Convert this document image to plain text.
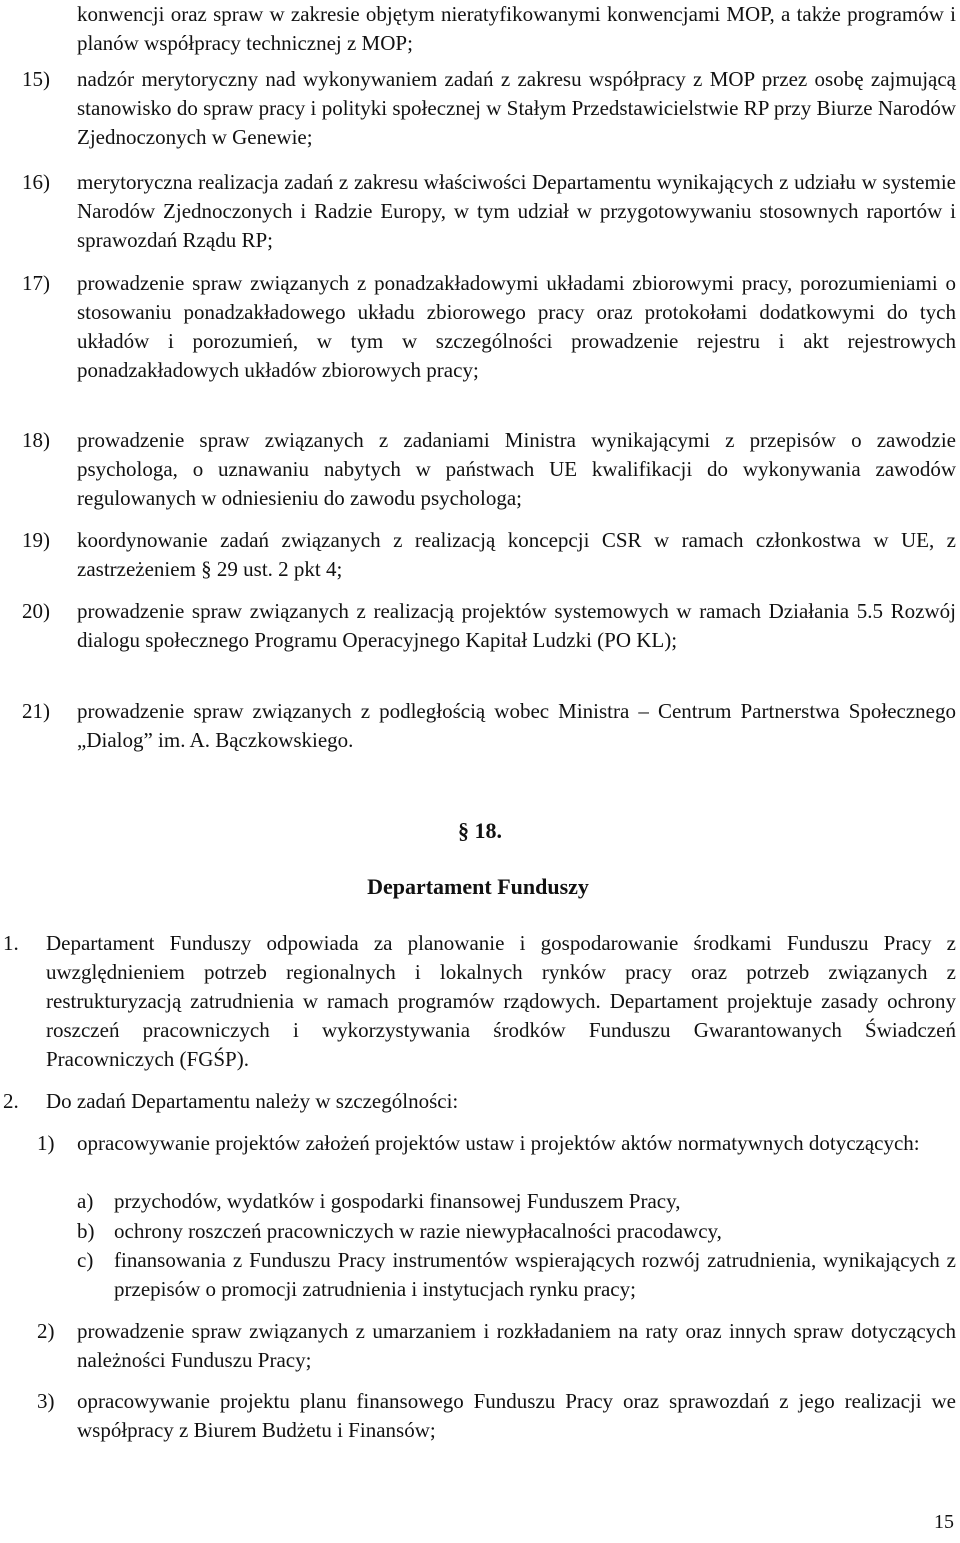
konwencji oraz spraw w zakresie objętym nieratyfikowanymi konwencjami MOP, a także programów i planów współpracy technicznej z MOP;
15) nadzór merytoryczny nad wykonywaniem zadań z zakresu współpracy z MOP przez osobę zajmującą stanowisko do spraw pracy i polityki społecznej w Stałym Przedstawicielstwie RP przy Biurze Narodów Zjednoczonych w Genewie;
16) merytoryczna realizacja zadań z zakresu właściwości Departamentu wynikających z udziału w systemie Narodów Zjednoczonych i Radzie Europy, w tym udział w przygotowywaniu stosownych raportów i sprawozdań Rządu RP;
17) prowadzenie spraw związanych z ponadzakładowymi układami zbiorowymi pracy, porozumieniami o stosowaniu ponadzakładowego układu zbiorowego pracy oraz protokołami dodatkowymi do tych układów i porozumień, w tym w szczególności prowadzenie rejestru i akt rejestrowych ponadzakładowych układów zbiorowych pracy;
18) prowadzenie spraw związanych z zadaniami Ministra wynikającymi z przepisów o zawodzie psychologa, o uznawaniu nabytych w państwach UE kwalifikacji do wykonywania zawodów regulowanych w odniesieniu do zawodu psychologa;
19) koordynowanie zadań związanych z realizacją koncepcji CSR w ramach członkostwa w UE, z zastrzeżeniem § 29 ust. 2 pkt 4;
20) prowadzenie spraw związanych z realizacją projektów systemowych w ramach Działania 5.5 Rozwój dialogu społecznego Programu Operacyjnego Kapitał Ludzki (PO KL);
21) prowadzenie spraw związanych z podległością wobec Ministra – Centrum Partnerstwa Społecznego „Dialog” im. A. Bączkowskiego.
§ 18.
Departament Funduszy
1. Departament Funduszy odpowiada za planowanie i gospodarowanie środkami Funduszu Pracy z uwzględnieniem potrzeb regionalnych i lokalnych rynków pracy oraz potrzeb związanych z restrukturyzacją zatrudnienia w ramach programów rządowych. Departament projektuje zasady ochrony roszczeń pracowniczych i wykorzystywania środków Funduszu Gwarantowanych Świadczeń Pracowniczych (FGŚP).
2. Do zadań Departamentu należy w szczególności:
1) opracowywanie projektów założeń projektów ustaw i projektów aktów normatywnych dotyczących:
a) przychodów, wydatków i gospodarki finansowej Funduszem Pracy,
b) ochrony roszczeń pracowniczych w razie niewypłacalności pracodawcy,
c) finansowania z Funduszu Pracy instrumentów wspierających rozwój zatrudnienia, wynikających z przepisów o promocji zatrudnienia i instytucjach rynku pracy;
2) prowadzenie spraw związanych z umarzaniem i rozkładaniem na raty oraz innych spraw dotyczących należności Funduszu Pracy;
3) opracowywanie projektu planu finansowego Funduszu Pracy oraz sprawozdań z jego realizacji we współpracy z Biurem Budżetu i Finansów;
15
